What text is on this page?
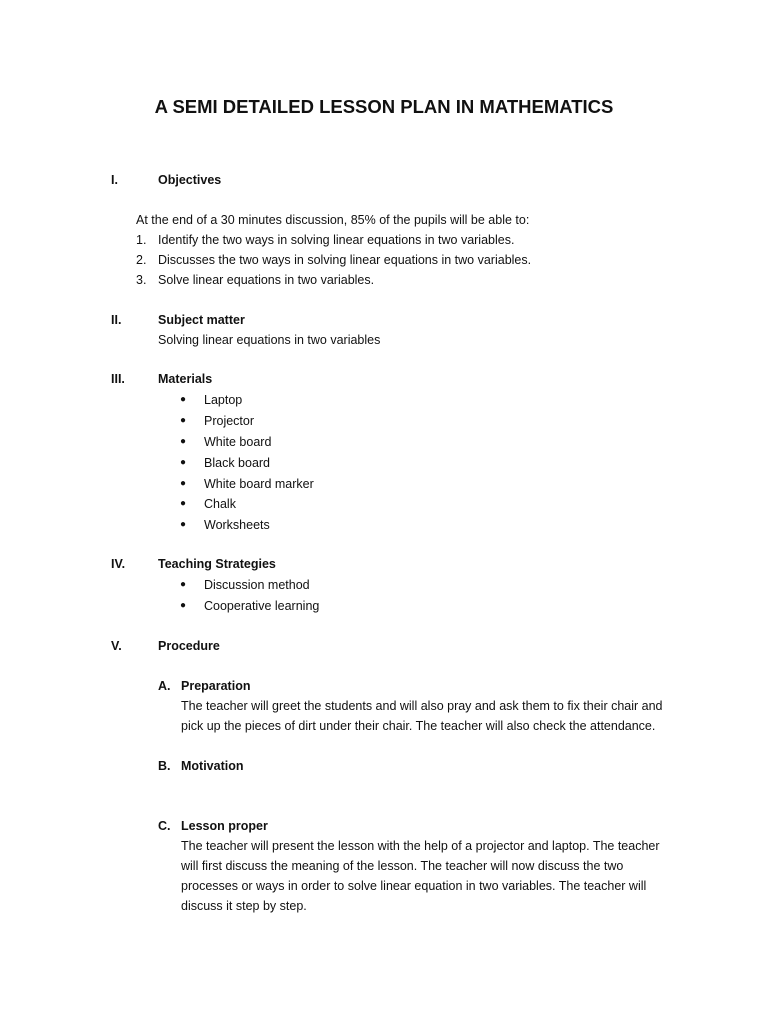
A SEMI DETAILED LESSON PLAN IN MATHEMATICS
I.	Objectives
At the end of a 30 minutes discussion, 85% of the pupils will be able to:
1. Identify the two ways in solving linear equations in two variables.
2. Discusses the two ways in solving linear equations in two variables.
3. Solve linear equations in two variables.
II.	Subject matter
Solving linear equations in two variables
III.	Materials
● Laptop
● Projector
● White board
● Black board
● White board marker
● Chalk
● Worksheets
IV.	Teaching Strategies
● Discussion method
● Cooperative learning
V.	Procedure
A. Preparation
The teacher will greet the students and will also pray and ask them to fix their chair and
pick up the pieces of dirt under their chair. The teacher will also check the attendance.
B. Motivation
C. Lesson proper
The teacher will present the lesson with the help of a projector and laptop. The teacher
will first discuss the meaning of the lesson. The teacher will now discuss the two
processes or ways in order to solve linear equation in two variables. The teacher will
discuss it step by step.
